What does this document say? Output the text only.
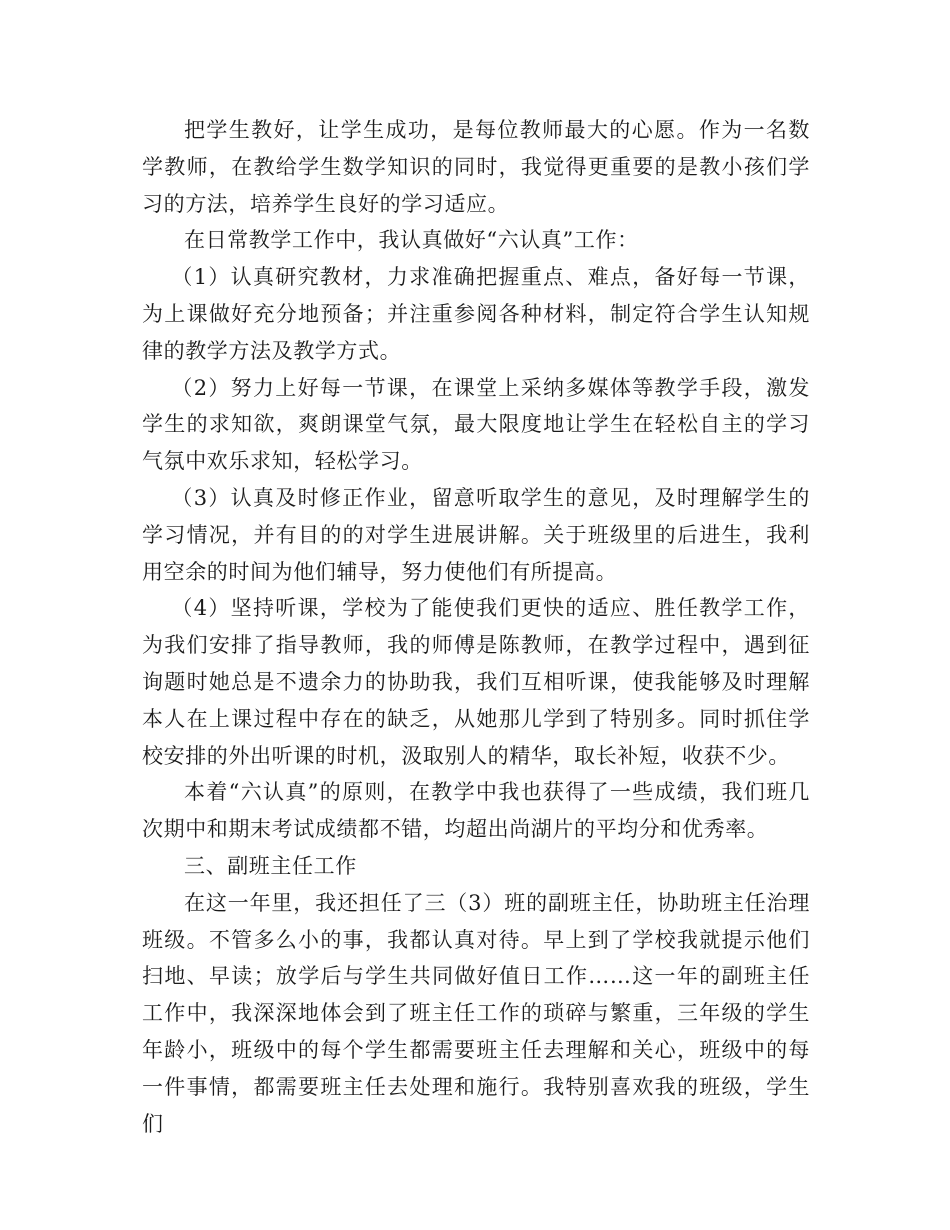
把学生教好，让学生成功，是每位教师最大的心愿。作为一名数学教师，在教给学生数学知识的同时，我觉得更重要的是教小孩们学习的方法，培养学生良好的学习适应。

在日常教学工作中，我认真做好“六认真”工作：

（1）认真研究教材，力求准确把握重点、难点，备好每一节课，为上课做好充分地预备；并注重参阅各种材料，制定符合学生认知规律的教学方法及教学方式。

（2）努力上好每一节课，在课堂上采纳多媒体等教学手段，激发学生的求知欲，爽朗课堂气氛，最大限度地让学生在轻松自主的学习气氛中欢乐求知，轻松学习。

（3）认真及时修正作业，留意听取学生的意见，及时理解学生的学习情况，并有目的的对学生进展讲解。关于班级里的后进生，我利用空余的时间为他们辅导，努力使他们有所提高。

（4）坚持听课，学校为了能使我们更快的适应、胜任教学工作，为我们安排了指导教师，我的师傅是陈教师，在教学过程中，遇到征询题时她总是不遗余力的协助我，我们互相听课，使我能够及时理解本人在上课过程中存在的缺乏，从她那儿学到了特别多。同时抓住学校安排的外出听课的时机，汲取别人的精华，取长补短，收获不少。

本着“六认真”的原则，在教学中我也获得了一些成绩，我们班几次期中和期末考试成绩都不错，均超出尚湖片的平均分和优秀率。

三、副班主任工作

在这一年里，我还担任了三（3）班的副班主任，协助班主任治理班级。不管多么小的事，我都认真对待。早上到了学校我就提示他们扫地、早读；放学后与学生共同做好值日工作……这一年的副班主任工作中，我深深地体会到了班主任工作的琐碎与繁重，三年级的学生年龄小，班级中的每个学生都需要班主任去理解和关心，班级中的每一件事情，都需要班主任去处理和施行。我特别喜欢我的班级，学生们
